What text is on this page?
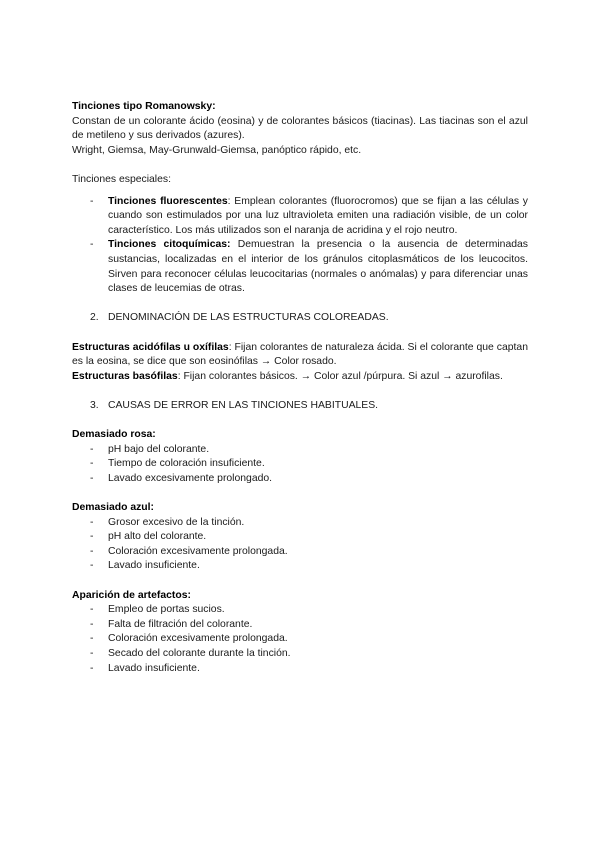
Tinciones tipo Romanowsky:

Constan de un colorante ácido (eosina) y de colorantes básicos (tiacinas). Las tiacinas son el azul de metileno y sus derivados (azures).

Wright, Giemsa, May-Grunwald-Giemsa, panóptico rápido, etc.

Tinciones especiales:

- Tinciones fluorescentes: Emplean colorantes (fluorocromos) que se fijan a las células y cuando son estimulados por una luz ultravioleta emiten una radiación visible, de un color característico. Los más utilizados son el naranja de acridina y el rojo neutro.
- Tinciones citoquímicas: Demuestran la presencia o la ausencia de determinadas sustancias, localizadas en el interior de los gránulos citoplasmáticos de los leucocitos. Sirven para reconocer células leucocitarias (normales o anómalas) y para diferenciar unas clases de leucemias de otras.

2. DENOMINACIÓN DE LAS ESTRUCTURAS COLOREADAS.

Estructuras acidófilas u oxífilas: Fijan colorantes de naturaleza ácida. Si el colorante que captan es la eosina, se dice que son eosinófilas → Color rosado.

Estructuras basófilas: Fijan colorantes básicos. → Color azul /púrpura. Si azul → azurofilas.

3. CAUSAS DE ERROR EN LAS TINCIONES HABITUALES.

Demasiado rosa:

- pH bajo del colorante.
- Tiempo de coloración insuficiente.
- Lavado excesivamente prolongado.

Demasiado azul:

- Grosor excesivo de la tinción.
- pH alto del colorante.
- Coloración excesivamente prolongada.
- Lavado insuficiente.

Aparición de artefactos:

- Empleo de portas sucios.
- Falta de filtración del colorante.
- Coloración excesivamente prolongada.
- Secado del colorante durante la tinción.
- Lavado insuficiente.
